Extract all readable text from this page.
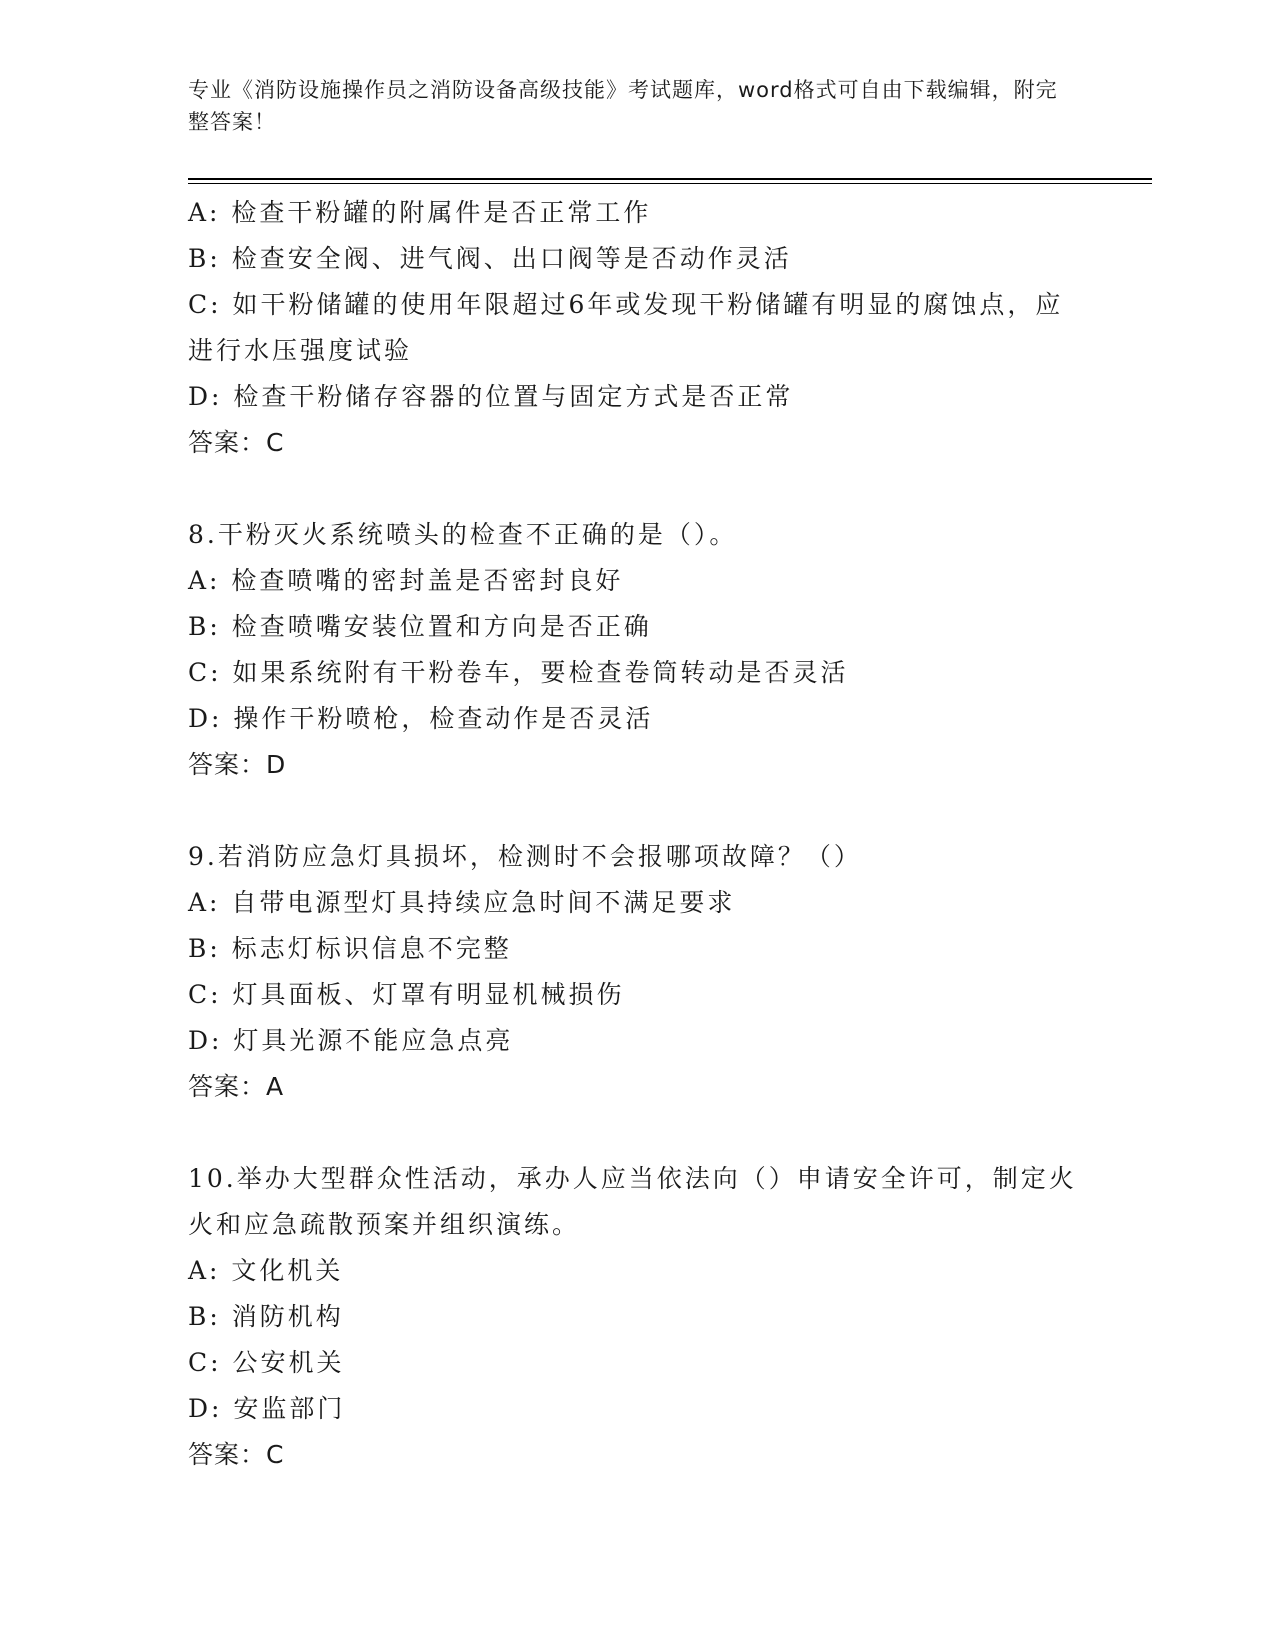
专业《消防设施操作员之消防设备高级技能》考试题库，word格式可自由下载编辑，附完整答案！

A: 检查干粉罐的附属件是否正常工作

B: 检查安全阀、进气阀、出口阀等是否动作灵活

C: 如干粉储罐的使用年限超过6年或发现干粉储罐有明显的腐蚀点，应进行水压强度试验

D: 检查干粉储存容器的位置与固定方式是否正常

答案：C

8.干粉灭火系统喷头的检查不正确的是（）。

A: 检查喷嘴的密封盖是否密封良好

B: 检查喷嘴安装位置和方向是否正确

C: 如果系统附有干粉卷车，要检查卷筒转动是否灵活

D: 操作干粉喷枪，检查动作是否灵活

答案：D

9.若消防应急灯具损坏，检测时不会报哪项故障？（）

A: 自带电源型灯具持续应急时间不满足要求

B: 标志灯标识信息不完整

C: 灯具面板、灯罩有明显机械损伤

D: 灯具光源不能应急点亮

答案：A

10.举办大型群众性活动，承办人应当依法向（）申请安全许可，制定火火和应急疏散预案并组织演练。

A: 文化机关

B: 消防机构

C: 公安机关

D: 安监部门

答案：C
